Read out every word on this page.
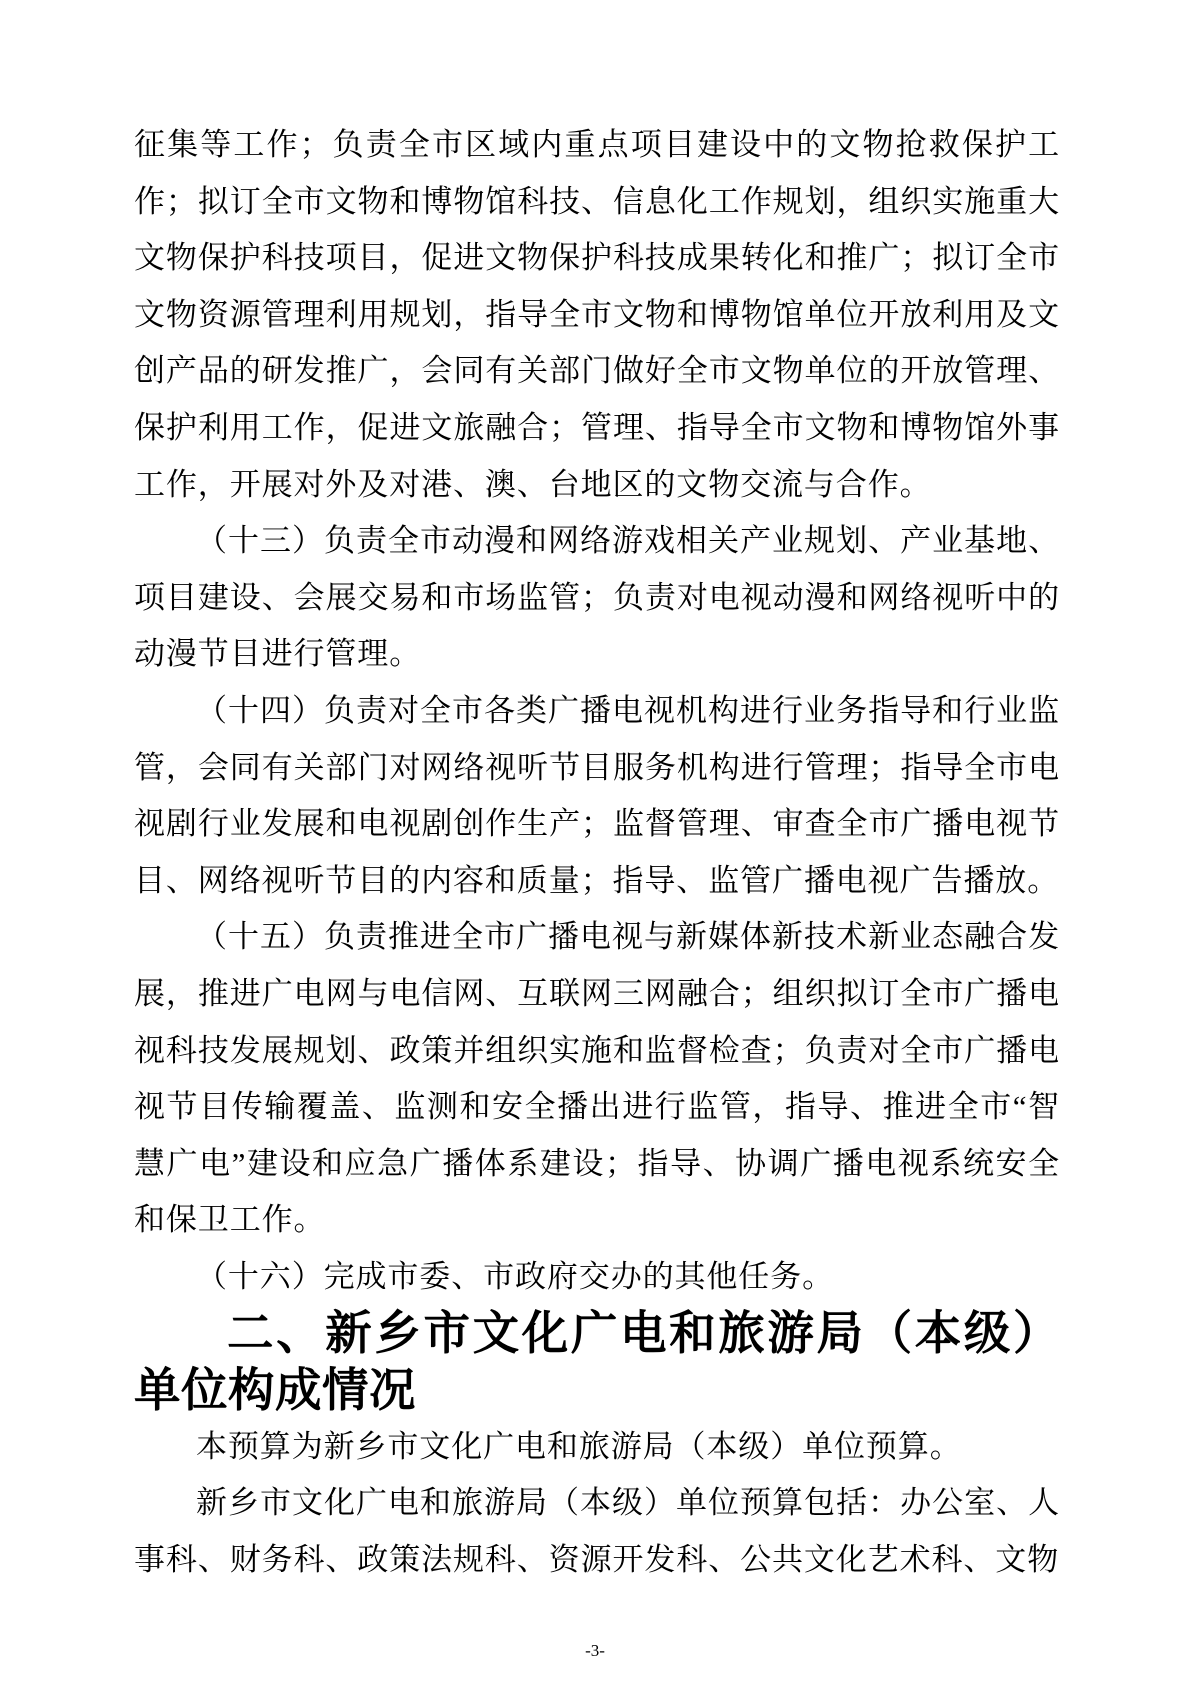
征集等工作；负责全市区域内重点项目建设中的文物抢救保护工作；拟订全市文物和博物馆科技、信息化工作规划，组织实施重大文物保护科技项目，促进文物保护科技成果转化和推广；拟订全市文物资源管理利用规划，指导全市文物和博物馆单位开放利用及文创产品的研发推广，会同有关部门做好全市文物单位的开放管理、保护利用工作，促进文旅融合；管理、指导全市文物和博物馆外事工作，开展对外及对港、澳、台地区的文物交流与合作。

（十三）负责全市动漫和网络游戏相关产业规划、产业基地、项目建设、会展交易和市场监管；负责对电视动漫和网络视听中的动漫节目进行管理。

（十四）负责对全市各类广播电视机构进行业务指导和行业监管，会同有关部门对网络视听节目服务机构进行管理；指导全市电视剧行业发展和电视剧创作生产；监督管理、审查全市广播电视节目、网络视听节目的内容和质量；指导、监管广播电视广告播放。

（十五）负责推进全市广播电视与新媒体新技术新业态融合发展，推进广电网与电信网、互联网三网融合；组织拟订全市广播电视科技发展规划、政策并组织实施和监督检查；负责对全市广播电视节目传输覆盖、监测和安全播出进行监管，指导、推进全市“智慧广电”建设和应急广播体系建设；指导、协调广播电视系统安全和保卫工作。

（十六）完成市委、市政府交办的其他任务。

二、新乡市文化广电和旅游局（本级）单位构成情况

本预算为新乡市文化广电和旅游局（本级）单位预算。

新乡市文化广电和旅游局（本级）单位预算包括：办公室、人事科、财务科、政策法规科、资源开发科、公共文化艺术科、文物

-3-
